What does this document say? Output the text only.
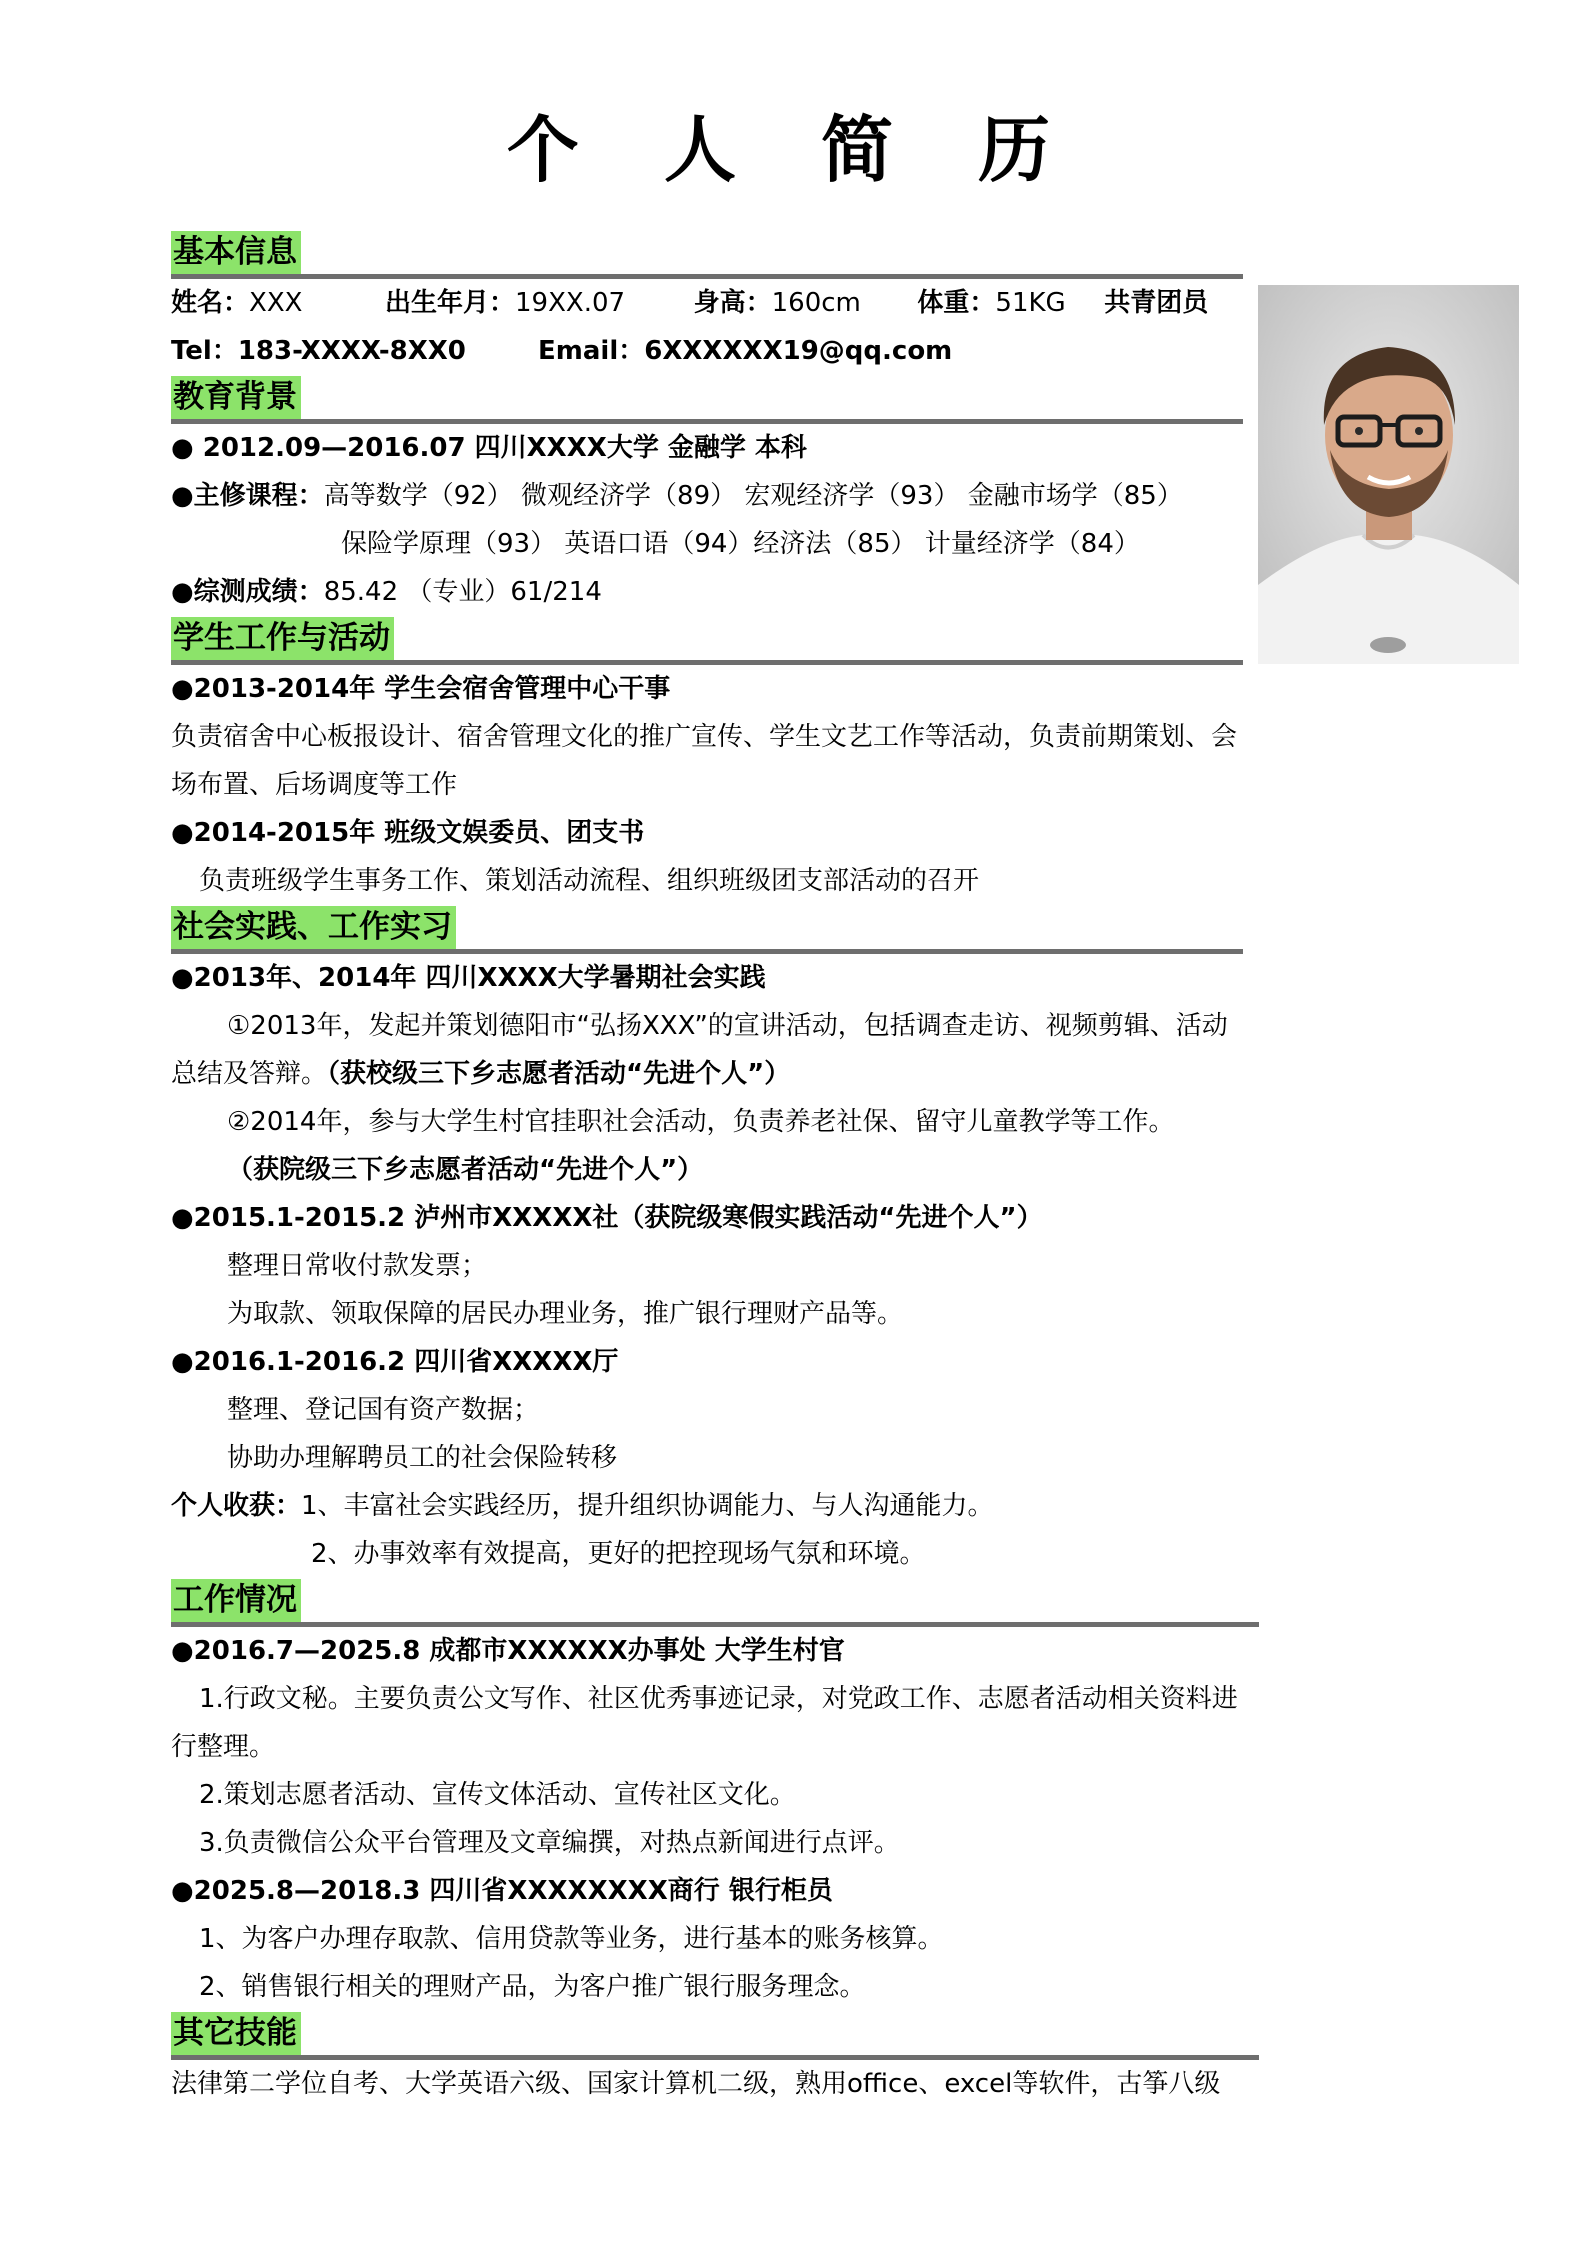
个 人 简 历
基本信息
姓名：XXX	出生年月：19XX.07	身高：160cm 体重：51KG 共青团员
Tel：183-XXXX-8XX0	Email：6XXXXXX19@qq.com
教育背景
● 2012.09—2016.07 四川XXXX大学 金融学 本科
●主修课程：高等数学（92） 微观经济学（89） 宏观经济学（93） 金融市场学（85）
保险学原理（93） 英语口语（94）经济法（85） 计量经济学（84）
●综测成绩：85.42 （专业）61/214
学生工作与活动
●2013-2014年 学生会宿舍管理中心干事
负责宿舍中心板报设计、宿舍管理文化的推广宣传、学生文艺工作等活动，负责前期策划、会
场布置、后场调度等工作
●2014-2015年 班级文娱委员、团支书
负责班级学生事务工作、策划活动流程、组织班级团支部活动的召开
社会实践、工作实习
●2013年、2014年 四川XXXX大学暑期社会实践
①2013年，发起并策划德阳市“弘扬XXX”的宣讲活动，包括调查走访、视频剪辑、活动
总结及答辩。（获校级三下乡志愿者活动“先进个人”）
②2014年，参与大学生村官挂职社会活动，负责养老社保、留守儿童教学等工作。
（获院级三下乡志愿者活动“先进个人”）
●2015.1-2015.2 泸州市XXXXX社（获院级寒假实践活动“先进个人”）
整理日常收付款发票；
为取款、领取保障的居民办理业务，推广银行理财产品等。
●2016.1-2016.2 四川省XXXXX厅
整理、登记国有资产数据；
协助办理解聘员工的社会保险转移
个人收获：1、丰富社会实践经历，提升组织协调能力、与人沟通能力。
2、办事效率有效提高，更好的把控现场气氛和环境。
工作情况
●2016.7—2025.8 成都市XXXXXX办事处 大学生村官
1.行政文秘。主要负责公文写作、社区优秀事迹记录，对党政工作、志愿者活动相关资料进
行整理。
2.策划志愿者活动、宣传文体活动、宣传社区文化。
3.负责微信公众平台管理及文章编撰，对热点新闻进行点评。
●2025.8—2018.3 四川省XXXXXXXX商行 银行柜员
1、为客户办理存取款、信用贷款等业务，进行基本的账务核算。
2、销售银行相关的理财产品，为客户推广银行服务理念。
其它技能
法律第二学位自考、大学英语六级、国家计算机二级，熟用office、excel等软件，古筝八级
